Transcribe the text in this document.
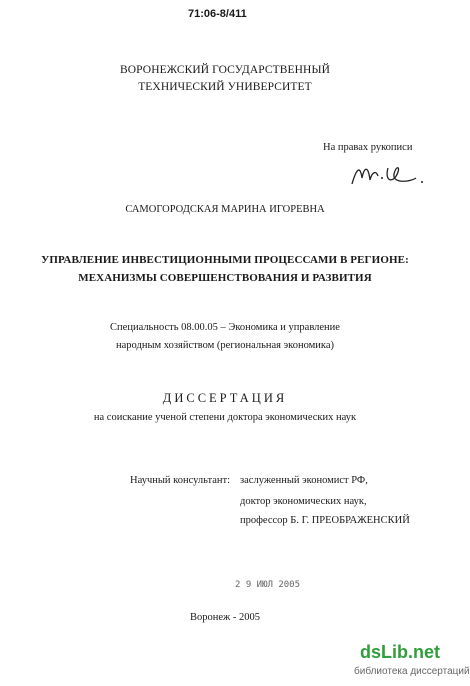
71:06-8/411
ВОРОНЕЖСКИЙ ГОСУДАРСТВЕННЫЙ
ТЕХНИЧЕСКИЙ УНИВЕРСИТЕТ
На правах рукописи
САМОГОРОДСКАЯ МАРИНА ИГОРЕВНА
УПРАВЛЕНИЕ ИНВЕСТИЦИОННЫМИ ПРОЦЕССАМИ В РЕГИОНЕ:
МЕХАНИЗМЫ СОВЕРШЕНСТВОВАНИЯ И РАЗВИТИЯ
Специальность 08.00.05 – Экономика и управление
народным хозяйством (региональная экономика)
ДИССЕРТАЦИЯ
на соискание ученой степени доктора экономических наук
Научный консультант: заслуженный экономист РФ,
доктор экономических наук,
профессор Б. Г. ПРЕОБРАЖЕНСКИЙ
2 9 ИЮЛ 2005
Воронеж - 2005
dsLib.net
библиотека диссертаций
